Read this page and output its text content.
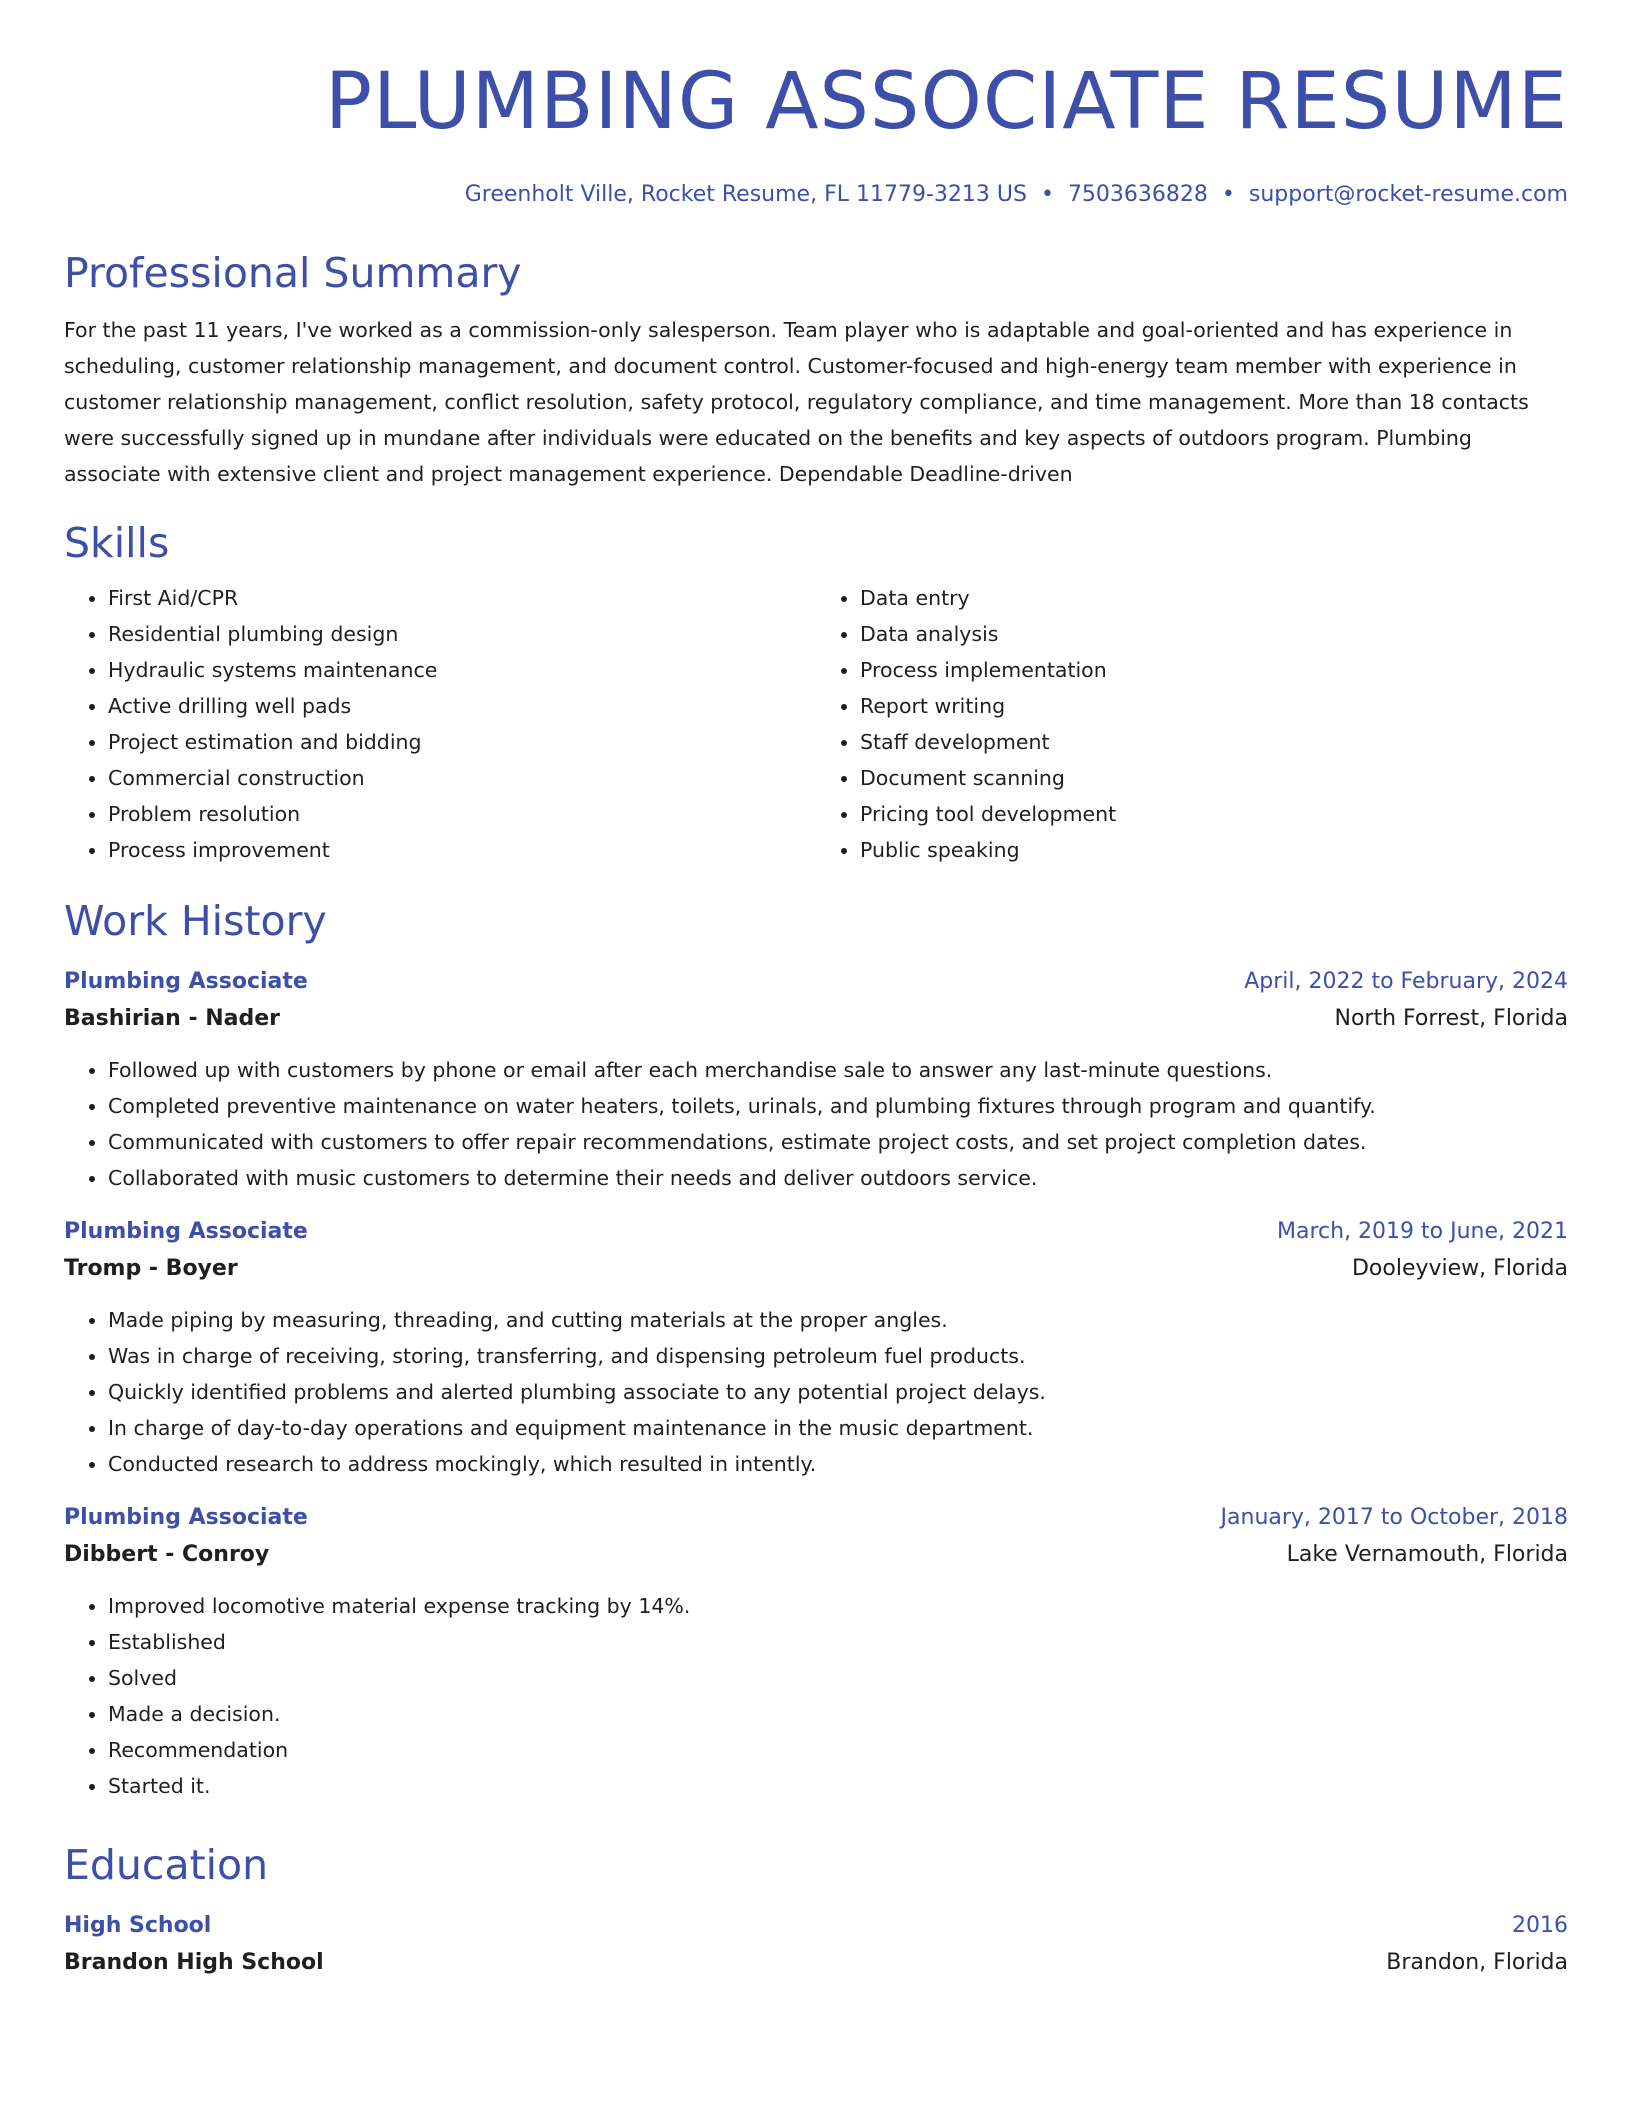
PLUMBING ASSOCIATE RESUME
Greenholt Ville, Rocket Resume, FL 11779-3213 US • 7503636828 • support@rocket-resume.com
Professional Summary
For the past 11 years, I've worked as a commission-only salesperson. Team player who is adaptable and goal-oriented and has experience in scheduling, customer relationship management, and document control. Customer-focused and high-energy team member with experience in customer relationship management, conflict resolution, safety protocol, regulatory compliance, and time management. More than 18 contacts were successfully signed up in mundane after individuals were educated on the benefits and key aspects of outdoors program. Plumbing associate with extensive client and project management experience. Dependable Deadline-driven
Skills
• First Aid/CPR
• Residential plumbing design
• Hydraulic systems maintenance
• Active drilling well pads
• Project estimation and bidding
• Commercial construction
• Problem resolution
• Process improvement
• Data entry
• Data analysis
• Process implementation
• Report writing
• Staff development
• Document scanning
• Pricing tool development
• Public speaking
Work History
Plumbing Associate	April, 2022 to February, 2024
Bashirian - Nader	North Forrest, Florida
• Followed up with customers by phone or email after each merchandise sale to answer any last-minute questions.
• Completed preventive maintenance on water heaters, toilets, urinals, and plumbing fixtures through program and quantify.
• Communicated with customers to offer repair recommendations, estimate project costs, and set project completion dates.
• Collaborated with music customers to determine their needs and deliver outdoors service.
Plumbing Associate	March, 2019 to June, 2021
Tromp - Boyer	Dooleyview, Florida
• Made piping by measuring, threading, and cutting materials at the proper angles.
• Was in charge of receiving, storing, transferring, and dispensing petroleum fuel products.
• Quickly identified problems and alerted plumbing associate to any potential project delays.
• In charge of day-to-day operations and equipment maintenance in the music department.
• Conducted research to address mockingly, which resulted in intently.
Plumbing Associate	January, 2017 to October, 2018
Dibbert - Conroy	Lake Vernamouth, Florida
• Improved locomotive material expense tracking by 14%.
• Established
• Solved
• Made a decision.
• Recommendation
• Started it.
Education
High School	2016
Brandon High School	Brandon, Florida
